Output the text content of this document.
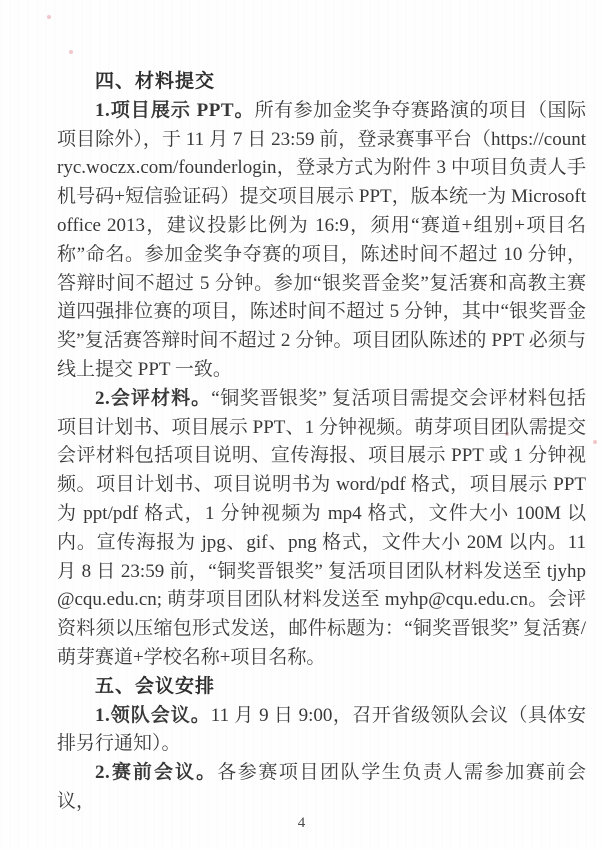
四、材料提交

1.项目展示 PPT。所有参加金奖争夺赛路演的项目（国际项目除外），于 11 月 7 日 23:59 前，登录赛事平台（https://countryc.woczx.com/founderlogin，登录方式为附件 3 中项目负责人手机号码+短信验证码）提交项目展示 PPT，版本统一为 Microsoft office 2013，建议投影比例为 16:9，须用“赛道+组别+项目名称”命名。参加金奖争夺赛的项目，陈述时间不超过 10 分钟，答辩时间不超过 5 分钟。参加“银奖晋金奖”复活赛和高教主赛道四强排位赛的项目，陈述时间不超过 5 分钟，其中“银奖晋金奖”复活赛答辩时间不超过 2 分钟。项目团队陈述的 PPT 必须与线上提交 PPT 一致。

2.会评材料。“铜奖晋银奖” 复活项目需提交会评材料包括项目计划书、项目展示 PPT、1 分钟视频。萌芽项目团队需提交会评材料包括项目说明、宣传海报、项目展示 PPT 或 1 分钟视频。项目计划书、项目说明书为 word/pdf 格式，项目展示 PPT 为 ppt/pdf 格式，1 分钟视频为 mp4 格式，文件大小 100M 以内。宣传海报为 jpg、gif、png 格式，文件大小 20M 以内。11 月 8 日 23:59 前，“铜奖晋银奖” 复活项目团队材料发送至 tjyhp@cqu.edu.cn; 萌芽项目团队材料发送至 myhp@cqu.edu.cn。会评资料须以压缩包形式发送，邮件标题为：“铜奖晋银奖” 复活赛/萌芽赛道+学校名称+项目名称。

五、会议安排

1.领队会议。11 月 9 日 9:00，召开省级领队会议（具体安排另行通知）。

2.赛前会议。各参赛项目团队学生负责人需参加赛前会议，

4
